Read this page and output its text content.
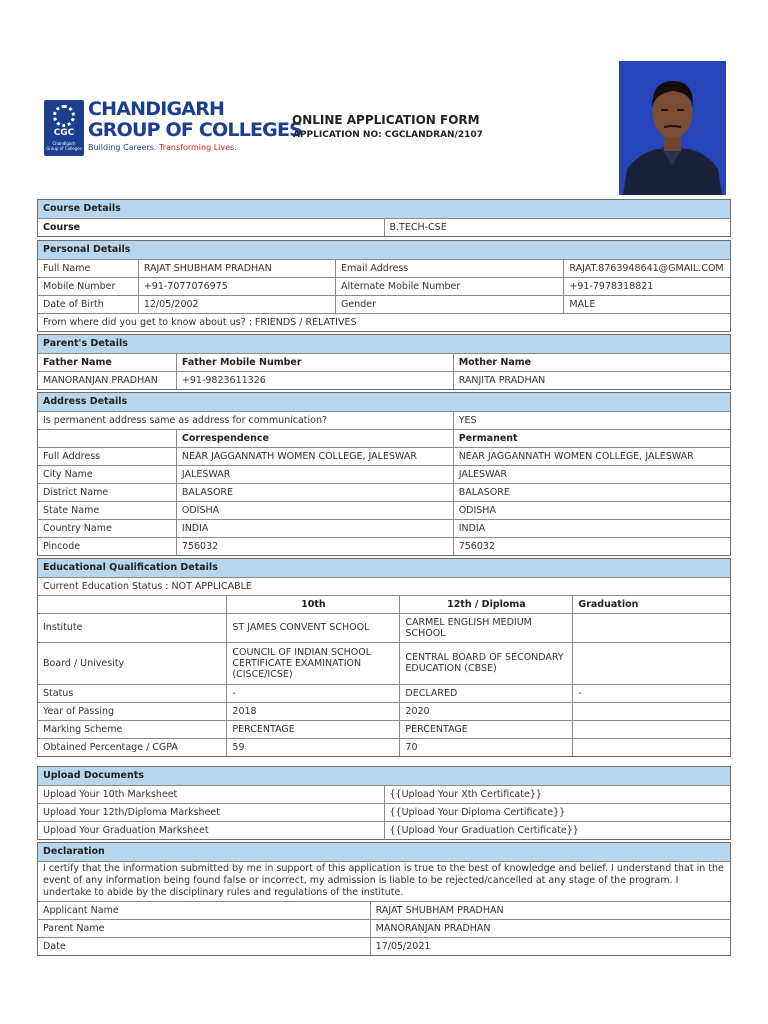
CGC
Chandigarh Group of Colleges
CHANDIGARH
GROUP OF COLLEGES
Building Careers. Transforming Lives.
ONLINE APPLICATION FORM
APPLICATION NO: CGCLANDRAN/2107
Course Details
Course	B.TECH-CSE
Personal Details			
Full Name	RAJAT SHUBHAM PRADHAN	Email Address	RAJAT.8763948641@GMAIL.COM
Mobile Number	+91-7077076975	Alternate Mobile Number	+91-7978318821
Date of Birth	12/05/2002	Gender	MALE
From where did you get to know about us? : FRIENDS / RELATIVES			
Parent's Details		
Father Name	Father Mobile Number	Mother Name
MANORANJAN PRADHAN	+91-9823611326	RANJITA PRADHAN
Address Details		
Is permanent address same as address for communication?		YES
	Correspendence	Permanent
Full Address	NEAR JAGGANNATH WOMEN COLLEGE, JALESWAR	NEAR JAGGANNATH WOMEN COLLEGE, JALESWAR
City Name	JALESWAR	JALESWAR
District Name	BALASORE	BALASORE
State Name	ODISHA	ODISHA
Country Name	INDIA	INDIA
Pincode	756032	756032
Educational Qualification Details			
Current Education Status : NOT APPLICABLE			
	10th	12th / Diploma	Graduation
Institute	ST JAMES CONVENT SCHOOL	CARMEL ENGLISH MEDIUM SCHOOL	
Board / Univesity	COUNCIL OF INDIAN SCHOOL CERTIFICATE EXAMINATION (CISCE/ICSE)	CENTRAL BOARD OF SECONDARY EDUCATION (CBSE)	
Status	-	DECLARED	-
Year of Passing	2018	2020	
Marking Scheme	PERCENTAGE	PERCENTAGE	
Obtained Percentage / CGPA	59	70	
Upload Documents	
Upload Your 10th Marksheet	{{Upload Your Xth Certificate}}
Upload Your 12th/Diploma Marksheet	{{Upload Your Diploma Certificate}}
Upload Your Graduation Marksheet	{{Upload Your Graduation Certificate}}
Declaration	
I certify that the information submitted by me in support of this application is true to the best of knowledge and belief. I understand that in the event of any information being found false or incorrect, my admission is liable to be rejected/cancelled at any stage of the program. I undertake to abide by the disciplinary rules and regulations of the institute.	
Applicant Name	RAJAT SHUBHAM PRADHAN
Parent Name	MANORANJAN PRADHAN
Date	17/05/2021
